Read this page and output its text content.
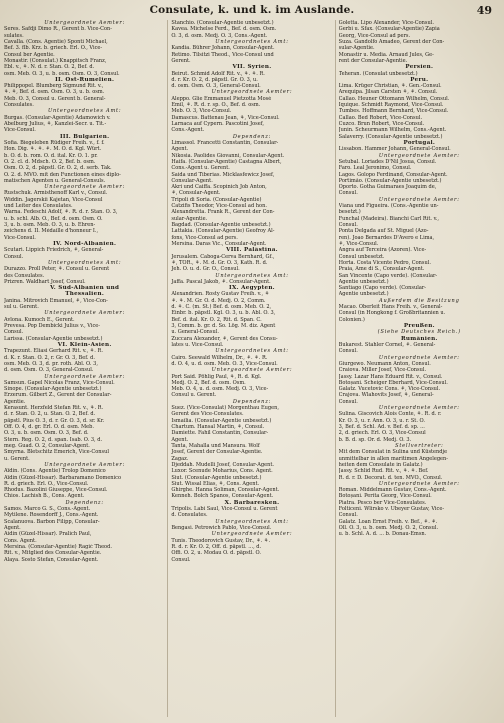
Consulate, k. und k. im Auslande.	49
Untergeordnete Aemter:
Seres. Safdji Dimo R., Gerent b. Vice-Con-
sulates.
Cavalla. (Cons. Agentie) Sponti Michael,
Bef. 3. flb. Krz. b. griech. Erl. O., Vice-
Consul ber Agentie.
Monastir. (Consulat.) Knappitsch Franz,
Ebl. v., ⚘. N. d. r. Stan. O. 2, Bef. d.
osm. Meb. O. 3, u. b. osm. Osm. O. 3, Consul.
II. Ost-Rumelien.
Philippopel. Blumberg Sigmund Rit. v.,
⚘. ⚘, Bef. d. osm. Osm. O. 3, u. b. osm.
Meb. O. 3, Consul u. Gerent b. General-
Consulates.
Untergeordnetes Amt:
Burgas. (Consular-Agentie) Adamowich v.
Abelburg Julius, ⚘, Kanzlei-Secr. u. Tit.-
Vice-Consul.
III. Bulgarien.
Sofia. Biegeleben Rüdiger Freih. v., f. f.
Hon. Dig. ⚘. ⚘. ⚘. M. O. d. Kgl. Würt.
b. O. d. b. rom. O. d. ital. Kr. O. 1. pr.
O. 2. cl. d. Mdsch. O. 2, Bef. b. osm.
Osm. O. 2, d. päpstl. Gr. O. 2, d. serb. Tak.
O. 2. d. MVO. mit den Functionen eines diplo-
matischen Agenten u. General-Consuls.
Untergeordnete Aemter:
Rustschuk. Armisthenoff Karl v., Consul.
Widdin. Jagerskii Kajetan, Vice-Consul
und Leiter des Consulates.
Warna. Fedeschi Adolf, ⚘. R. d. r. Stan. O. 3,
u. b. schl. Alb. O., Bef. d. osm. Osm. O.
3, u. b. osm. Meb. O. 3, u. b. Ehren-
zeichens d. II. Médaille d'honneur I.,
Vice-Consul.
IV. Nord-Albanien.
Scutari. Lippich Friedrich, ⚘, General-
Consul.
Untergeordnetes Amt:
Durazzo. Proll Peter, ⚘. Consul u. Gerent
des Consulates.
Prizren. Waldhart Josef, Consul.
V. Süd-Albanien und
Thessalien.
Janina. Mitrovich Emanuel, ⚘, Vice-Con-
sul u. Gerent.
Untergeordnete Aemter:
Avlona. Kumoch E., Gerent.
Prevesa. Pop Dembicki Julius v., Vice-
Consul.
Larissa. (Consular-Agentie unbesetzt.)
VI. Klein-Asien.
Trapezunt. Eliasi Gerhard Rit. v., ⚘. R.
d. K. r. Stan. O. 2, r. Gr. O. 3, Bef. d.
osm. Meb. O. 3, d. pr. roth. Abl. O. 3,
d. osm. Osm. O. 3, General-Consul.
Untergeordnete Aemter:
Samsun. Gapel Nicolas Franz, Vice-Consul.
Sinope. (Consular-Agentie unbesetzt.)
Erzerum. Gilbert Z., Gerent der Consular-
Agentie.
Kerasunt. Herzfeld Stefan Rit. v., ⚘. R.
d. r. Stan. O. 2, u. Stan. O. 2, Bef. d.
päpstl. Pius O. 3, d. r. Gr. O. 3, d. sr. Kr.
Off. O. 4, d. gr. Erl. O. d. osm. Meb.
O. 3, u. b. osm. Osm. O. 3, Bef. d.
Stern. Reg. O. 2, d. span. Isab. O. 3, d.
meg. Guad. O. 2, Consular-Agent.
Smyrna. Bletschitz Emerich, Vice-Consul
u. Gerent.
Untergeordnete Aemter:
Aïdin. (Cons. Agentie) Trolop Domenico
Aïdin (Güzel-Hissar). Barbaramano Domenico
R. d. griech. Erl. O., Vice-Consul.
Rhodus. Bazolini Giuseppe, Vice-Consul.
Chios. Lachish B., Cons. Agent.
Dependenz:
Samos. Marco G. S., Cons.-Agent.
Mytilene. Rosendorff J., Cons.-Agent.
Scalanuova. Barbon Filipp, Consular-
Agent.
Aidin (Güzel-Hissar). Pralich Paul,
Cons. Agent.
Mersina. (Consular-Agentie) Ragić Theod.
Rit. v., Mitglied des Consular-Agentie.
Alaya. Sosto Stefan, Consular-Agent.
Stanchio. (Consular-Agentie unbesetzt.)
Kavea. Michelse Ferd., Bef. d. osm. Osm.
O. 3, d. osm. Medj. O. 3, Cons.-Agent.
Untergeordnetes Amt:
Kandia. Bührer Johann, Consular-Agent.
Retimo. Tilsitzi Theod., Vice-Consul und
Gerent.
VII. Syrien.
Beirut. Schmid Adolf Rit. v., ⚘. ⚘. R.
d. r. Kr. O. 2, d. päpstl. Gr. O. 3, u.
d. osm. Osm. O. 3, General-Consul.
Untergeordnete Aemter:
Aleppo. Glie Emmanuel Pietzotta Mosé
Emil, ⚘. R. d. r. sp. O., Bef. d. osm.
Meb. O. 3, Vice-Consul.
Damascus. Battenau Jean, ⚘, Vice-Consul.
Larnaca auf Cypern. Pascotini Josef,
Cons.-Agent.
Dependenz:
Limassol. Francetti Constantin, Consular-
Agent.
Nikosia. Paolides Giovanni, Consular-Agent.
Haifa. (Consular-Agentie) Castagna Albert,
Cons.-Agent u. Gerent.
Saida und Tiberias. Micklasfewicz Josef,
Consular-Agent.
Akri und Caiffa. Scopinich Job Anton,
⚘, Consular-Agent.
Tripoli di Soria. (Consular-Agentie)
Catzifis Theodor, Vice-Consul ad hon.
Alexandretta. Frank R., Gerent der Con-
sular-Agentie.
Bagdad. (Consular-Agentie unbesetzt.)
Lattakia. (Consular-Agentie) Geofroy Al-
fons, Vice-Consul ad pers.
Mersina. Daras Vic., Consular-Agent.
VIII. Palästina.
Jerusalem. Caboga-Cerva Bernhard, Gf.,
⚘, TOR., ⚘. M. d. Gr. O. 3, Kath. R. d.
Jeh. O. u. d. Gr. O., Consul.
Untergeordnetes Amt:
Jaffa. Pascal Jakob, ⚘. Consular-Agent.
IX. Aegypten.
Alexandrien. Rosty Gustav Freih. v., ⚘
⚘. ⚘. M. Gr. O. d. Medj. O. 2, Comm.
d. ⚘. C. (m. St.) Bef. d. osm. Meb. O. 2,
Einbr. b. päpstl. Kgl. O. 3, u. b. Abl. O. 3,
Bef. d. ital. Kr. O. 2, Rit. d. Span. C.
3, Comm. b. gr. d. So. Lög. M. diz. Agent
u. General-Consul.
Zuccara Alexander, ⚘, Gerent des Consu-
lates u. Vice-Consul.
Untergeordnetes Amt:
Cairo. Seewald Wilhelm, Dr., ⚘. ⚘. R.
d. O. 4, u. d. osm. Meb. O. 3, Vice-Consul.
Untergeordnete Aemter:
Port Said. Pöhlig Paul, ⚘, R. d. Kgl.
Medj. O. 2, Bef. d. osm. Osm.
Meb. O. 4, u. d. osm. Medj. O. 3, Vice-
Consul u. Gerent.
Dependenz:
Suez. (Vice-Consulat) Morgenthau Eugen,
Gerent des Vice-Consulates.
Ismailia. (Consular-Agentie unbesetzt.)
Chartum. Hansal Martin, ⚘, Consul.
Damiette. Fahil Constantin, Consular-
Agent.
Tanta, Mahalla und Mansura. Wolf
Josef, Gerent der Consular-Agentie.
Zagaz.
Djeddah. Mudelli Josef, Consular-Agent.
Luxor. Scenude Moharius, Cons. Agent.
Siut. (Consular-Agentie unbesetzt.)
Siut. Wissal Elias, ⚘, Cons. Agent.
Ghirghe. Hanna Soliman, Consular-Agent.
Kenneh. Bolch Spanos, Consular-Agent.
X. Barbaresken.
Tripolis. Labi Saul, Vice-Consul u. Gerent
d. Consulates.
Untergeordnetes Amt:
Bengasi. Petrowich Pablo, Vice-Consul.
Untergeordnete Aemter:
Tunis. Theodorovich Gustav, Dr., ⚘. ⚘.
R. d. r. Kr. O. 2, Off. d. päpstl. ..., d.
Offi. O. 2, u. Modau O. d. päpstl. O.
Consul.
Goletta. Lipo Alexander, Vice-Consul.
Gerbi u. Sfax. (Consular-Agentie) Zapia
Georg, Vice-Consul ad pers.
Suza. Gandolfo Amadeo, Gerent der Con-
sular-Agentie.
Monastir u. Media. Arnaud Jules, Ge-
rent der Consular-Agentie.
Persien.
Teheran. (Consulat unbesetzt.)
Peru.
Lima. Krüger Christian, ⚘. Gen.-Consul.
Arequipa. Jilsan Carsten ⚘, ⚘. Consul.
Callao. Heuner Ottomann Wilhelm, Consul.
Iquique. Schmidt Raymond, Vice-Consul.
Tumbes. Hoffmann Bernhard, Vice-Consul.
Callao. Bed Robert, Vice-Consul.
Cuzco. Brun Robert, Vice-Consul.
Junin. Scheurmann Wilhelm, Cons.-Agent.
Salaverry. (Consular-Agentie unbesetzt.)
Portugal.
Lissabon. Hammer Johann, General-Consul.
Untergeordnete Aemter:
Setubal. Loriades D'Nil Josua, Consul.
Faro. Leal Jeronimo, Consul.
Lagos. Golopo Ferdinand, Consular-Agent.
Portimão. (Consular-Agentie unbesetzt.)
Oporto. Gotha Guimaraes Joaquim de,
Consul.
Untergeordnete Aemter:
Viana und Figueira. (Cons.-Agentie un-
besetzt.)
Funchal (Madeira). Bianchi Carl Rit. v.,
Consul.
Ponta Delgada auf St. Miguel (Azo-
ren). Joao Bernardes D'Avero e Lima,
⚘, Vice-Consul.
Angra auf Terceira (Azoren). Vice-
Consul unbesetzt.
Horta. Costa Vicente Pedro, Consul.
Praia, Ame di S., Consular-Agent.
San Vincente (Capo verde). (Consular-
Agentie unbesetzt.)
Santiago (Capo verde). (Consular-
Agentie unbesetzt.)
Außerdem die Besitzung
Macao. Oberleit Hans Freih. v., General-
Consul (in Hongkong f. Großbritannien u.
Colonien.)
Preußen.
(Siehe Deutsches Reich.)
Rumänien.
Bukarest. Stahler Cornel, ⚘. General-
Consul.
Untergeordnete Aemter:
Giurgewo. Neumann Anton, Consul.
Craiova. Miller Josef, Vice-Consul.
Jassy. Lazar Hans Eduard Rit. v., Consul.
Botoșani. Scheiger Eberhard, Vice-Consul.
Galatz. Vucetovic Cons. ⚘, Vice-Consul.
Crajova. Wlahovits Josef, ⚘, General-
Consul.
Untergeordnete Aemter:
Sulina. Giscovich Alois Conte, ⚘. R. d. r.
Kr. O. 3, u. r. Ann. O. 3, u. r. St. O.
3, Bef. d. Schl. Ad. v. Bef. d. sp. ...
2, d. griech. Erl. O. 3, Vice-Consul
b. B. d. sp. Or. d. Medj. O. 3.
Stellvertreter:
Mit dem Consulat in Sulina und Küstendje
unmittelbar in allen maritimen Angelegen-
heiten dem Consulate in Galatz.)
Jassy. Schlid Rud. Rit. v., ⚘. ⚘. Bef.
R. d. r. D. Decorat. d. ten. MVO., Consul.
Untergeordnete Aemter:
Roman. Middelmann Gustav, Cons.-Agent.
Botoșani. Perita Georg, Vice-Consul.
Piatra. Pesco ber Vice-Consulates.
Folticeni. Wlirsko v. Ubeyer Gustav, Vice-
Consul.
Galatz. Loan Ernst Freih. v. Bef., ⚘. ⚘.
Oll. O. 3, u. b. osm. Medj. O. 2, Consul.
u. b. Schl. A. d. ... b. Donau-Emsn.
